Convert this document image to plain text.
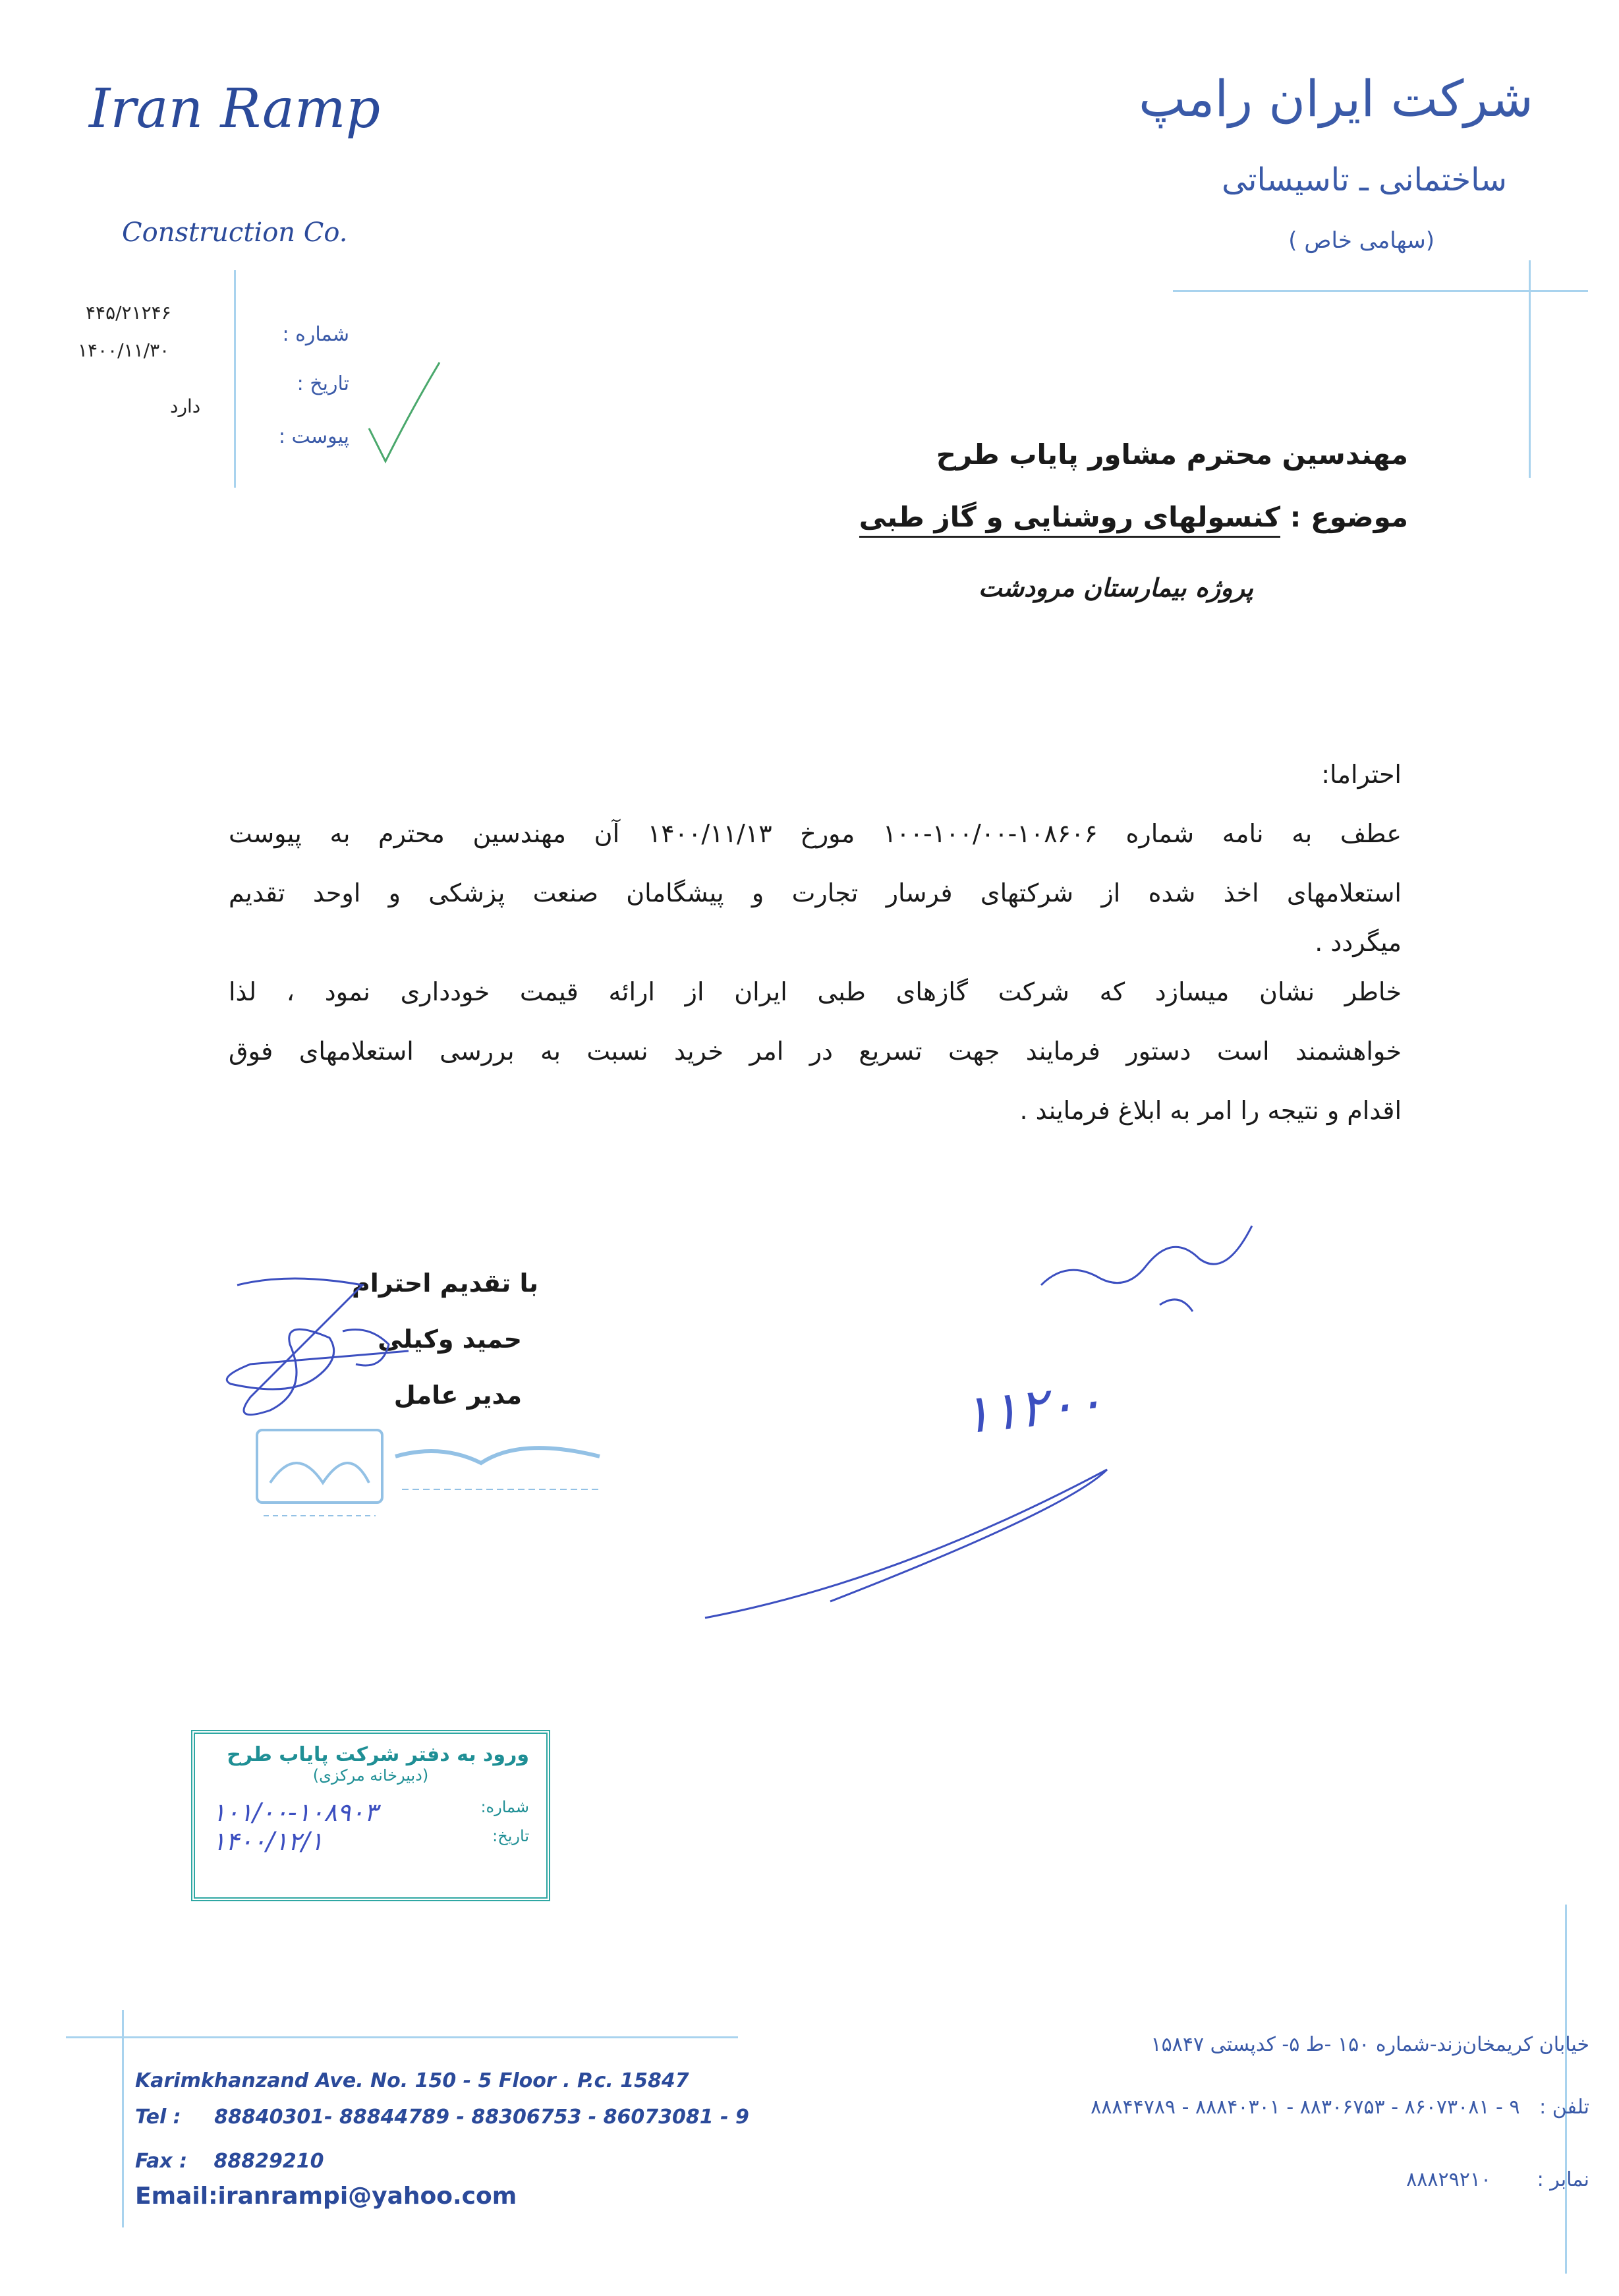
Iran Ramp
Construction Co.
شرکت ایران رامپ
ساختمانی ـ تاسیساتی
(سهامی خاص )
۴۴۵/۲۱۲۴۶
۱۴۰۰/۱۱/۳۰
دارد
شماره :
تاریخ :
پیوست :
مهندسین محترم مشاور پایاب طرح
موضوع : کنسولهای روشنایی و گاز طبی
پروژه بیمارستان مرودشت
احتراما:
عطف به نامه شماره ۱۰۸۶۰۶-۱۰۰/۰۰-۱۰۰ مورخ ۱۴۰۰/۱۱/۱۳ آن مهندسین محترم به پیوست
استعلامهای اخذ شده از شرکتهای فرسار تجارت و پیشگامان صنعت پزشکی و اوحد تقدیم
میگردد .
خاطر نشان میسازد که شرکت گازهای طبی ایران از ارائه قیمت خودداری نمود ، لذا
خواهشمند است دستور فرمایند جهت تسریع در امر خرید نسبت به بررسی استعلامهای فوق
اقدام و نتیجه را امر به ابلاغ فرمایند .
با تقدیم احترام
حمید وکیلی
مدیر عامل	۱۱۲۰۰
ورود به دفتر شرکت پایاب طرح
(دبیرخانه مرکزی)
شماره:
۱۰۱/۰۰-۱۰۸۹۰۳
تاریخ:
۱۴۰۰/۱۲/۱
Karimkhanzand Ave. No. 150 - 5 Floor . P.c. 15847
Tel : 88840301- 88844789 - 88306753 - 86073081 - 9
Fax : 88829210
Email:iranrampi@yahoo.com
خیابان کریمخان‌زند-شماره ۱۵۰ -ط ۵- کدپستی ۱۵۸۴۷
تلفن : ۹ - ۸۶۰۷۳۰۸۱ - ۸۸۳۰۶۷۵۳ - ۸۸۸۴۰۳۰۱ - ۸۸۸۴۴۷۸۹
نمابر : ۸۸۸۲۹۲۱۰
